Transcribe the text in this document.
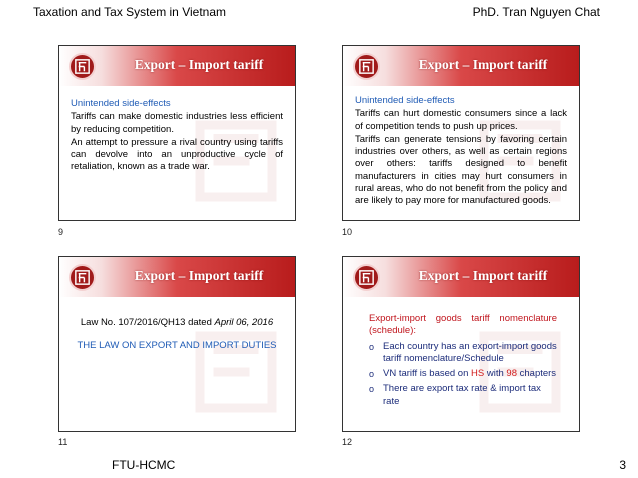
Taxation and Tax System in Vietnam	PhD. Tran Nguyen Chat
Export – Import tariff

Unintended side-effects

Tariffs can make domestic industries less efficient by reducing competition.

An attempt to pressure a rival country using tariffs can devolve into an unproductive cycle of retaliation, known as a trade war.

9
Export – Import tariff

Unintended side-effects

Tariffs can hurt domestic consumers since a lack of competition tends to push up prices.

Tariffs can generate tensions by favoring certain industries over others, as well as certain regions over others: tariffs designed to benefit manufacturers in cities may hurt consumers in rural areas, who do not benefit from the policy and are likely to pay more for manufactured goods.

10
Export – Import tariff
Law No. 107/2016/QH13 dated April 06, 2016
THE LAW ON EXPORT AND IMPORT DUTIES
11
Export – Import tariff
Export-import goods tariff nomenclature (schedule):
o Each country has an export-import goods tariff nomenclature/Schedule
o VN tariff is based on HS with 98 chapters
o There are export tax rate & import tax rate
12
FTU-HCMC	3
